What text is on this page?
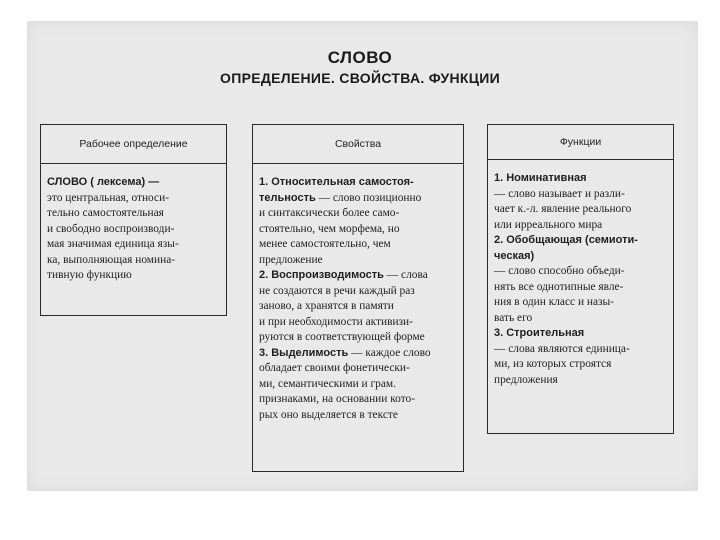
СЛОВО
ОПРЕДЕЛЕНИЕ. СВОЙСТВА. ФУНКЦИИ
Рабочее определение

СЛОВО ( лексема) —

это центральная, относи-

тельно самостоятельная

и свободно воспроизводи-

мая значимая единица язы-

ка, выполняющая номина-

тивную функцию

Свойства

1. Относительная самостоя-

тельность — слово позиционно

и синтаксически более само-

стоятельно, чем морфема, но

менее самостоятельно, чем

предложение

2. Воспроизводимость — слова

не создаются в речи каждый раз

заново, а хранятся в памяти

и при необходимости активизи-

руются в соответствующей форме

3. Выделимость — каждое слово

обладает своими фонетически-

ми, семантическими и грам.

признаками, на основании кото-

рых оно выделяется в тексте

Функции

1. Номинативная

— слово называет и разли-

чает к.-л. явление реального

или ирреального мира

2. Обобщающая (семиоти-

ческая)

— слово способно объеди-

нять все однотипные явле-

ния в один класс и назы-

вать его

3. Строительная

— слова являются единица-

ми, из которых строятся

предложения
